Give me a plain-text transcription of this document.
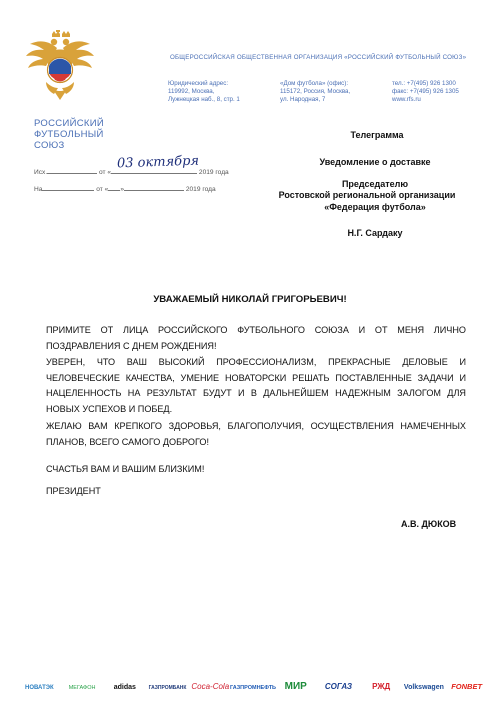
РОССИЙСКИЙ
ФУТБОЛЬНЫЙ
СОЮЗ
ОБЩЕРОССИЙСКАЯ ОБЩЕСТВЕННАЯ ОРГАНИЗАЦИЯ «РОССИЙСКИЙ ФУТБОЛЬНЫЙ СОЮЗ»
Юридический адрес:
119992, Москва,
Лужнецкая наб., 8, стр. 1
«Дом футбола» (офис):
115172, Россия, Москва,
ул. Народная, 7
тел.: +7(495) 926 1300
факс: +7(495) 926 1305
www.rfs.ru
Исх.	от «	2019 года
03 октября
На	от « »	2019 года
Телеграмма
Уведомление о доставке
Председателю
Ростовской региональной организации
«Федерация футбола»
Н.Г. Сардаку
УВАЖАЕМЫЙ НИКОЛАЙ ГРИГОРЬЕВИЧ!

ПРИМИТЕ ОТ ЛИЦА РОССИЙСКОГО ФУТБОЛЬНОГО СОЮЗА И ОТ МЕНЯ ЛИЧНО ПОЗДРАВЛЕНИЯ С ДНЕМ РОЖДЕНИЯ!

УВЕРЕН, ЧТО ВАШ ВЫСОКИЙ ПРОФЕССИОНАЛИЗМ, ПРЕКРАСНЫЕ ДЕЛОВЫЕ И ЧЕЛОВЕЧЕСКИЕ КАЧЕСТВА, УМЕНИЕ НОВАТОРСКИ РЕШАТЬ ПОСТАВЛЕННЫЕ ЗАДАЧИ И НАЦЕЛЕННОСТЬ НА РЕЗУЛЬТАТ БУДУТ И В ДАЛЬНЕЙШЕМ НАДЕЖНЫМ ЗАЛОГОМ ДЛЯ НОВЫХ УСПЕХОВ И ПОБЕД.

ЖЕЛАЮ ВАМ КРЕПКОГО ЗДОРОВЬЯ, БЛАГОПОЛУЧИЯ, ОСУЩЕСТВЛЕНИЯ НАМЕЧЕННЫХ ПЛАНОВ, ВСЕГО САМОГО ДОБРОГО!

СЧАСТЬЯ ВАМ И ВАШИМ БЛИЗКИМ!

ПРЕЗИДЕНТ

А.В. ДЮКОВ
НОВАТЭК	МЕГАФОН	adidas	ГАЗПРОМБАНК Coca-Cola ГАЗПРОМНЕФТЬ МИР СОГАЗ	РЖД Volkswagen FONBET
